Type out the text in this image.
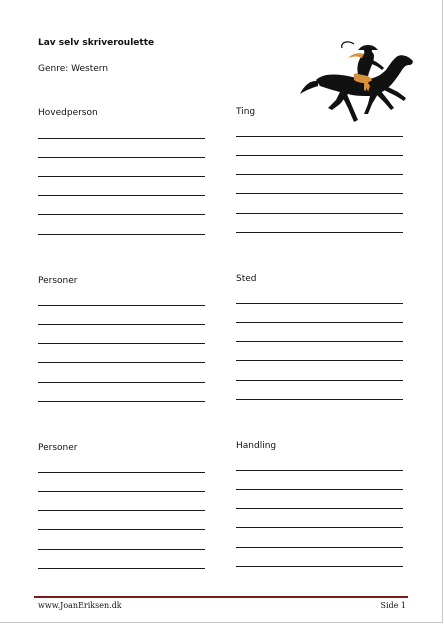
Lav selv skriveroulette
Genre: Western
Hovedperson
Personer
Personer
Ting
Sted
Handling
www.JoanEriksen.dk	Side 1
